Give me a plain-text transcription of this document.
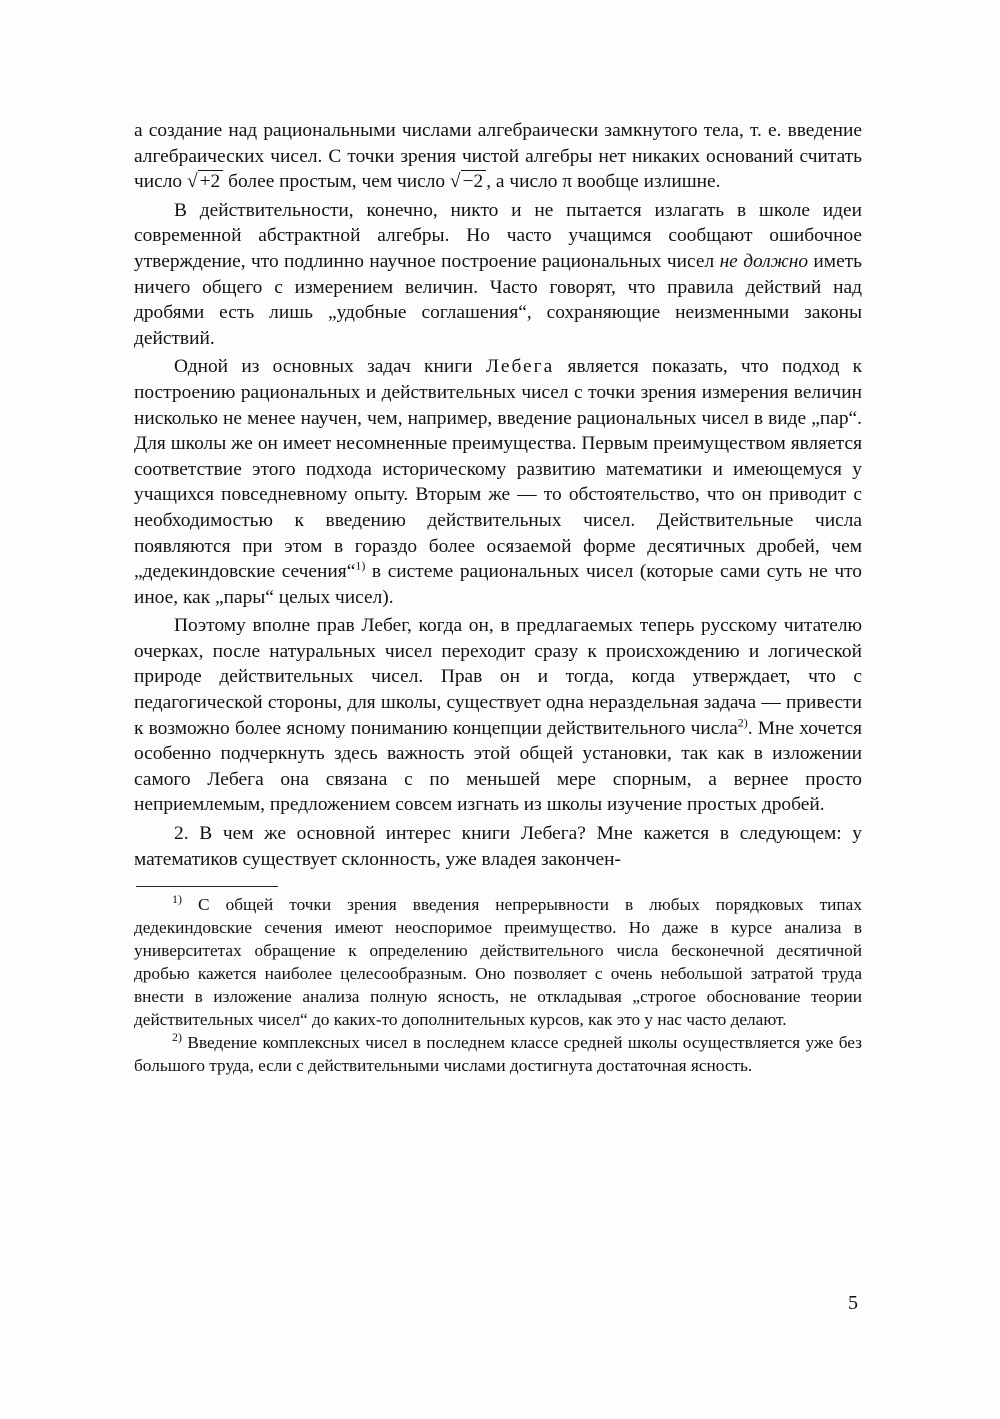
а создание над рациональными числами алгебраически замкнутого тела, т. е. введение алгебраических чисел. С точки зрения чистой алгебры нет никаких оснований считать число √ +2 более простым, чем число √ −2 , а число π вообще излишне.

В действительности, конечно, никто и не пытается излагать в школе идеи современной абстрактной алгебры. Но часто учащимся сообщают ошибочное утверждение, что подлинно научное построение рациональных чисел не должно иметь ничего общего с измерением величин. Часто говорят, что правила действий над дробями есть лишь „удобные соглашения“, сохраняющие неизменными законы действий.

Одной из основных задач книги Лебега является показать, что подход к построению рациональных и действительных чисел с точки зрения измерения величин нисколько не менее научен, чем, например, введение рациональных чисел в виде „пар“. Для школы же он имеет несомненные преимущества. Первым преимуществом является соответствие этого подхода историческому развитию математики и имеющемуся у учащихся повседневному опыту. Вторым же — то обстоятельство, что он приводит с необходимостью к введению действительных чисел. Действительные числа появляются при этом в гораздо более осязаемой форме десятичных дробей, чем „дедекиндовские сечения“$^{1)}$ в системе рациональных чисел (которые сами суть не что иное, как „пары“ целых чисел).

Поэтому вполне прав Лебег, когда он, в предлагаемых теперь русскому читателю очерках, после натуральных чисел переходит сразу к происхождению и логической природе действительных чисел. Прав он и тогда, когда утверждает, что с педагогической стороны, для школы, существует одна нераздельная задача — привести к возможно более ясному пониманию концепции действительного числа$^{2)}$. Мне хочется особенно подчеркнуть здесь важность этой общей установки, так как в изложении самого Лебега она связана с по меньшей мере спорным, а вернее просто неприемлемым, предложением совсем изгнать из школы изучение простых дробей.

2. В чем же основной интерес книги Лебега? Мне кажется в следующем: у математиков существует склонность, уже владея закончен-

$^{1)}$ С общей точки зрения введения непрерывности в любых порядковых типах дедекиндовские сечения имеют неоспоримое преимущество. Но даже в курсе анализа в университетах обращение к определению действительного числа бесконечной десятичной дробью кажется наиболее целесообразным. Оно позволяет с очень небольшой затратой труда внести в изложение анализа полную ясность, не откладывая „строгое обоснование теории действительных чисел“ до каких-то дополнительных курсов, как это у нас часто делают.

$^{2)}$ Введение комплексных чисел в последнем классе средней школы осуществляется уже без большого труда, если с действительными числами достигнута достаточная ясность.

5
